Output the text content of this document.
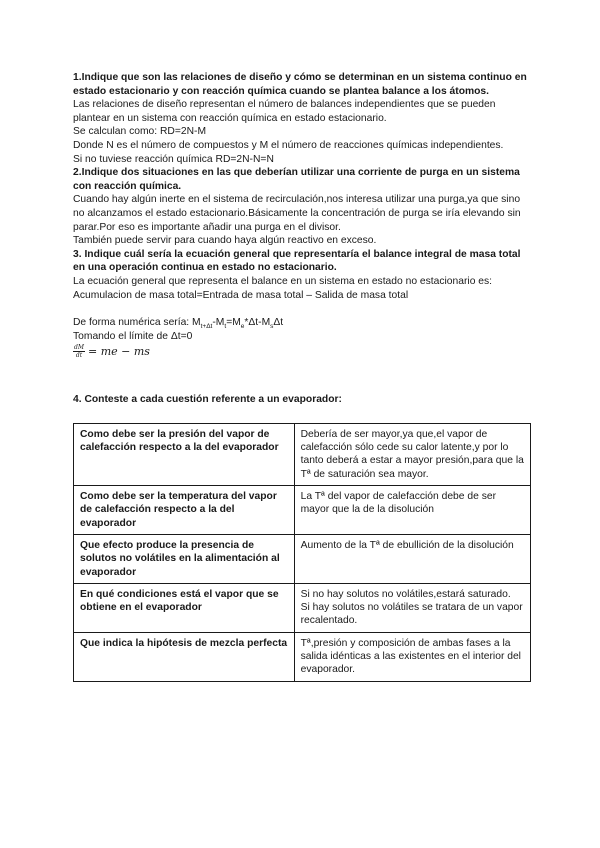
1.Indique que son las relaciones de diseño y cómo se determinan en un sistema continuo en estado estacionario y con reacción química cuando se plantea balance a los átomos.

Las relaciones de diseño representan el número de balances independientes que se pueden plantear en un sistema con reacción química en estado estacionario.

Se calculan como: RD=2N-M

Donde N es el número de compuestos y M el número de reacciones químicas independientes.

Si no tuviese reacción química RD=2N-N=N

2.Indique dos situaciones en las que deberían utilizar una corriente de purga en un sistema con reacción química.

Cuando hay algún inerte en el sistema de recirculación,nos interesa utilizar una purga,ya que sino no alcanzamos el estado estacionario.Básicamente la concentración de purga se iría elevando sin parar.Por eso es importante añadir una purga en el divisor.

También puede servir para cuando haya algún reactivo en exceso.

3. Indique cuál sería la ecuación general que representaría el balance integral de masa total en una operación continua en estado no estacionario.

La ecuación general que representa el balance en un sistema en estado no estacionario es: Acumulacion de masa total=Entrada de masa total – Salida de masa total

De forma numérica sería: $M_{t+\Delta t}-M_t=M_e*\Delta t-M_s\Delta t$

Tomando el límite de Δt=0

$\frac{dM}{dt}$ = me − ms

4. Conteste a cada cuestión referente a un evaporador:

Como debe ser la presión del vapor de calefacción respecto a la del evaporador	Debería de ser mayor,ya que,el vapor de calefacción sólo cede su calor latente,y por lo tanto deberá a estar a mayor presión,para que la Tª de saturación sea mayor.
Como debe ser la temperatura del vapor de calefacción respecto a la del evaporador	La Tª del vapor de calefacción debe de ser mayor que la de la disolución
Que efecto produce la presencia de solutos no volátiles en la alimentación al evaporador	Aumento de la Tª de ebullición de la disolución
En qué condiciones está el vapor que se obtiene en el evaporador	Si no hay solutos no volátiles,estará saturado.
Si hay solutos no volátiles se tratara de un vapor recalentado.
Que indica la hipótesis de mezcla perfecta	Tª,presión y composición de ambas fases a la salida idénticas a las existentes en el interior del evaporador.
